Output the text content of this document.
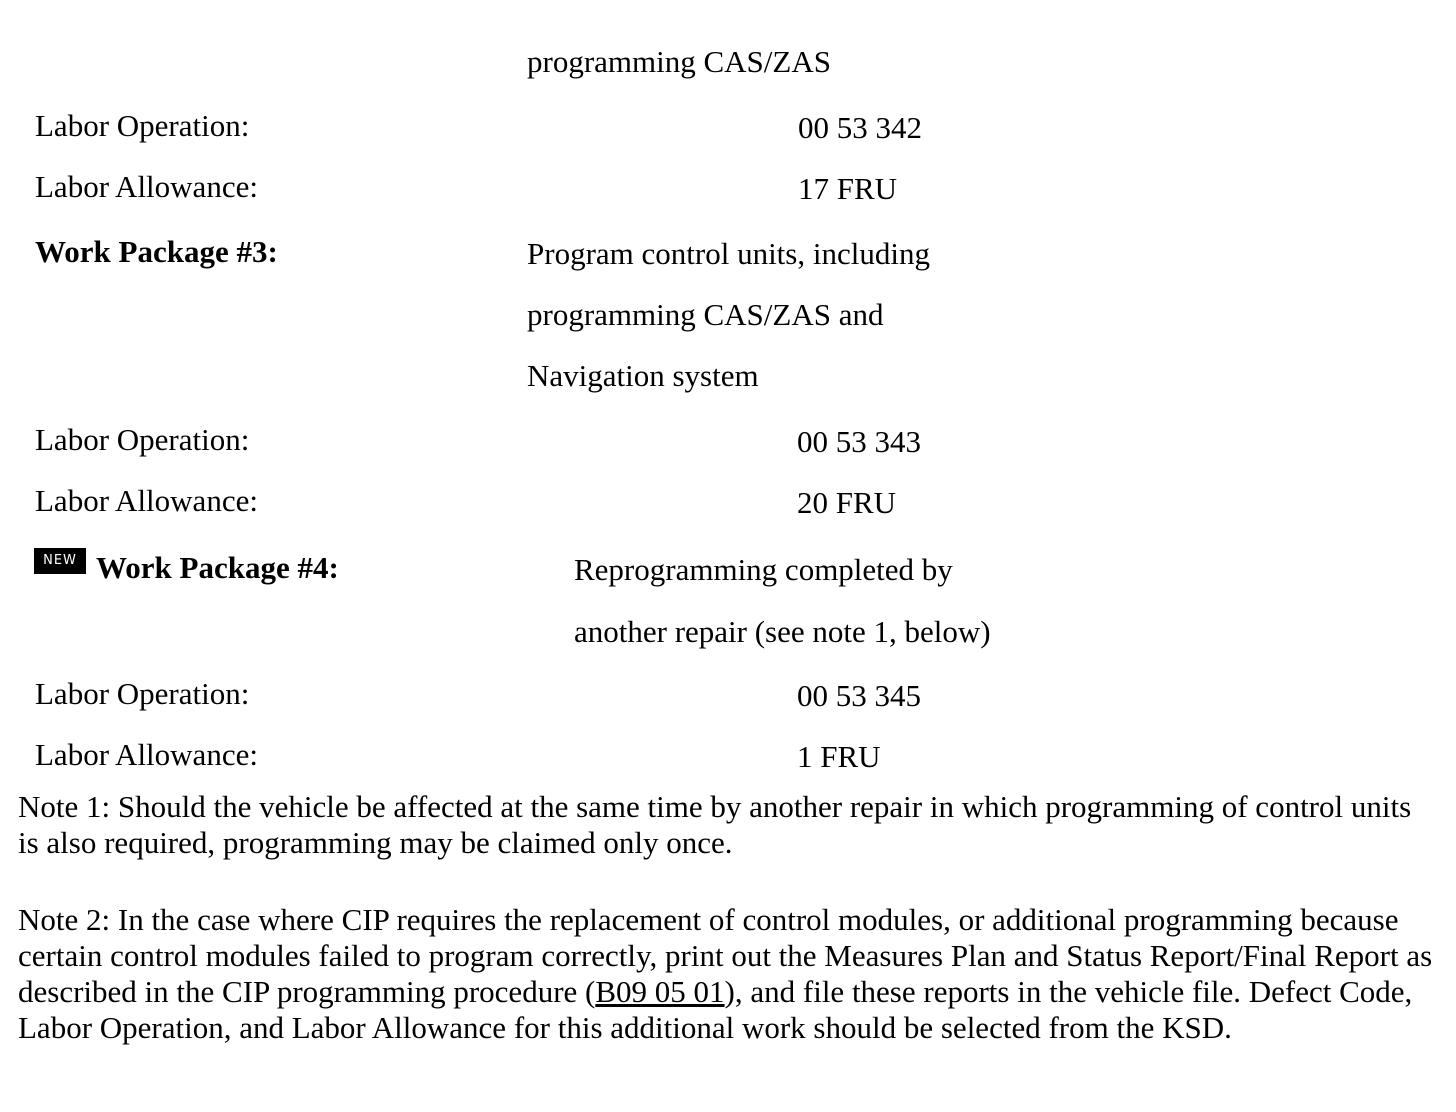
programming CAS/ZAS
Labor Operation:	00 53 342
Labor Allowance:	17 FRU
Work Package #3:	Program control units, including
programming CAS/ZAS and
Navigation system
Labor Operation:	00 53 343
Labor Allowance:	20 FRU
NEW Work Package #4:	Reprogramming completed by
another repair (see note 1, below)
Labor Operation:	00 53 345
Labor Allowance:	1 FRU
Note 1: Should the vehicle be affected at the same time by another repair in which programming of control units is also required, programming may be claimed only once.
Note 2: In the case where CIP requires the replacement of control modules, or additional programming because certain control modules failed to program correctly, print out the Measures Plan and Status Report/Final Report as described in the CIP programming procedure (B09 05 01), and file these reports in the vehicle file. Defect Code, Labor Operation, and Labor Allowance for this additional work should be selected from the KSD.
